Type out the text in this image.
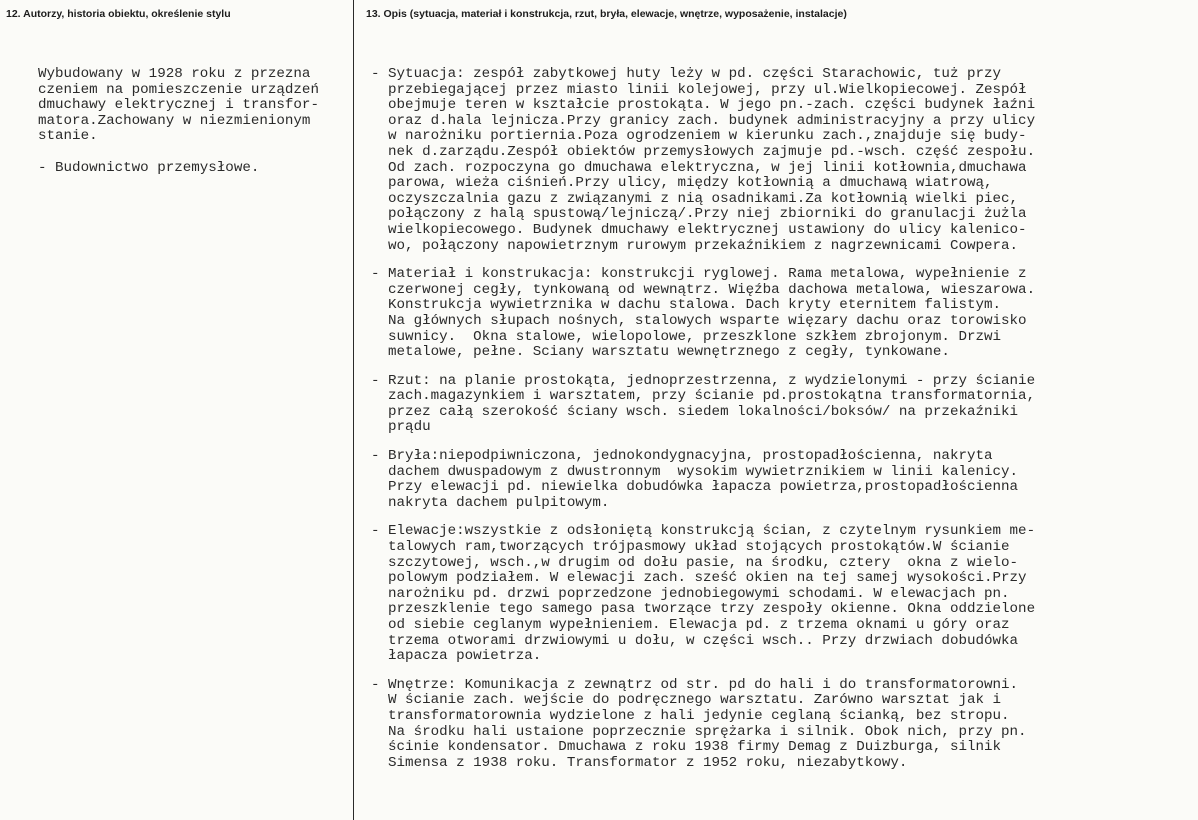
12. Autorzy, historia obiektu, określenie stylu	13. Opis (sytuacja, materiał i konstrukcja, rzut, bryła, elewacje, wnętrze, wyposażenie, instalacje)
Wybudowany w 1928 roku z przezna
czeniem na pomieszczenie urządzeń
dmuchawy elektrycznej i transfor-
matora.Zachowany w niezmienionym
stanie.
- Budownictwo przemysłowe.
- Sytuacja: zespół zabytkowej huty leży w pd. części Starachowic, tuż przy
przebiegającej przez miasto linii kolejowej, przy ul.Wielkopiecowej. Zespół
obejmuje teren w kształcie prostokąta. W jego pn.-zach. części budynek łaźni
oraz d.hala lejnicza.Przy granicy zach. budynek administracyjny a przy ulicy
w narożniku portiernia.Poza ogrodzeniem w kierunku zach.,znajduje się budy-
nek d.zarządu.Zespół obiektów przemysłowych zajmuje pd.-wsch. część zespołu.
Od zach. rozpoczyna go dmuchawa elektryczna, w jej linii kotłownia,dmuchawa
parowa, wieża ciśnień.Przy ulicy, między kotłownią a dmuchawą wiatrową,
oczyszczalnia gazu z związanymi z nią osadnikami.Za kotłownią wielki piec,
połączony z halą spustową/lejniczą/.Przy niej zbiorniki do granulacji żużla
wielkopiecowego. Budynek dmuchawy elektrycznej ustawiony do ulicy kalenico-
wo, połączony napowietrznym rurowym przekaźnikiem z nagrzewnicami Cowpera.
- Materiał i konstrukacja: konstrukcji ryglowej. Rama metalowa, wypełnienie z
czerwonej cegły, tynkowaną od wewnątrz. Więźba dachowa metalowa, wieszarowa.
Konstrukcja wywietrznika w dachu stalowa. Dach kryty eternitem falistym.
Na głównych słupach nośnych, stalowych wsparte więzary dachu oraz torowisko
suwnicy.  Okna stalowe, wielopolowe, przeszklone szkłem zbrojonym. Drzwi
metalowe, pełne. Sciany warsztatu wewnętrznego z cegły, tynkowane.
- Rzut: na planie prostokąta, jednoprzestrzenna, z wydzielonymi - przy ścianie
zach.magazynkiem i warsztatem, przy ścianie pd.prostokątna transformatornia,
przez całą szerokość ściany wsch. siedem lokalności/boksów/ na przekaźniki
prądu
- Bryła:niepodpiwniczona, jednokondygnacyjna, prostopadłościenna, nakryta
dachem dwuspadowym z dwustronnym  wysokim wywietrznikiem w linii kalenicy.
Przy elewacji pd. niewielka dobudówka łapacza powietrza,prostopadłościenna
nakryta dachem pulpitowym.
- Elewacje:wszystkie z odsłoniętą konstrukcją ścian, z czytelnym rysunkiem me-
talowych ram,tworzących trójpasmowy układ stojących prostokątów.W ścianie
szczytowej, wsch.,w drugim od dołu pasie, na środku, cztery  okna z wielo-
polowym podziałem. W elewacji zach. sześć okien na tej samej wysokości.Przy
narożniku pd. drzwi poprzedzone jednobiegowymi schodami. W elewacjach pn.
przeszklenie tego samego pasa tworzące trzy zespoły okienne. Okna oddzielone
od siebie ceglanym wypełnieniem. Elewacja pd. z trzema oknami u góry oraz
trzema otworami drzwiowymi u dołu, w części wsch.. Przy drzwiach dobudówka
łapacza powietrza.
- Wnętrze: Komunikacja z zewnątrz od str. pd do hali i do transformatorowni.
W ścianie zach. wejście do podręcznego warsztatu. Zarówno warsztat jak i
transformatorownia wydzielone z hali jedynie ceglaną ścianką, bez stropu.
Na środku hali ustaione poprzecznie sprężarka i silnik. Obok nich, przy pn.
ścinie kondensator. Dmuchawa z roku 1938 firmy Demag z Duizburga, silnik
Simensa z 1938 roku. Transformator z 1952 roku, niezabytkowy.
